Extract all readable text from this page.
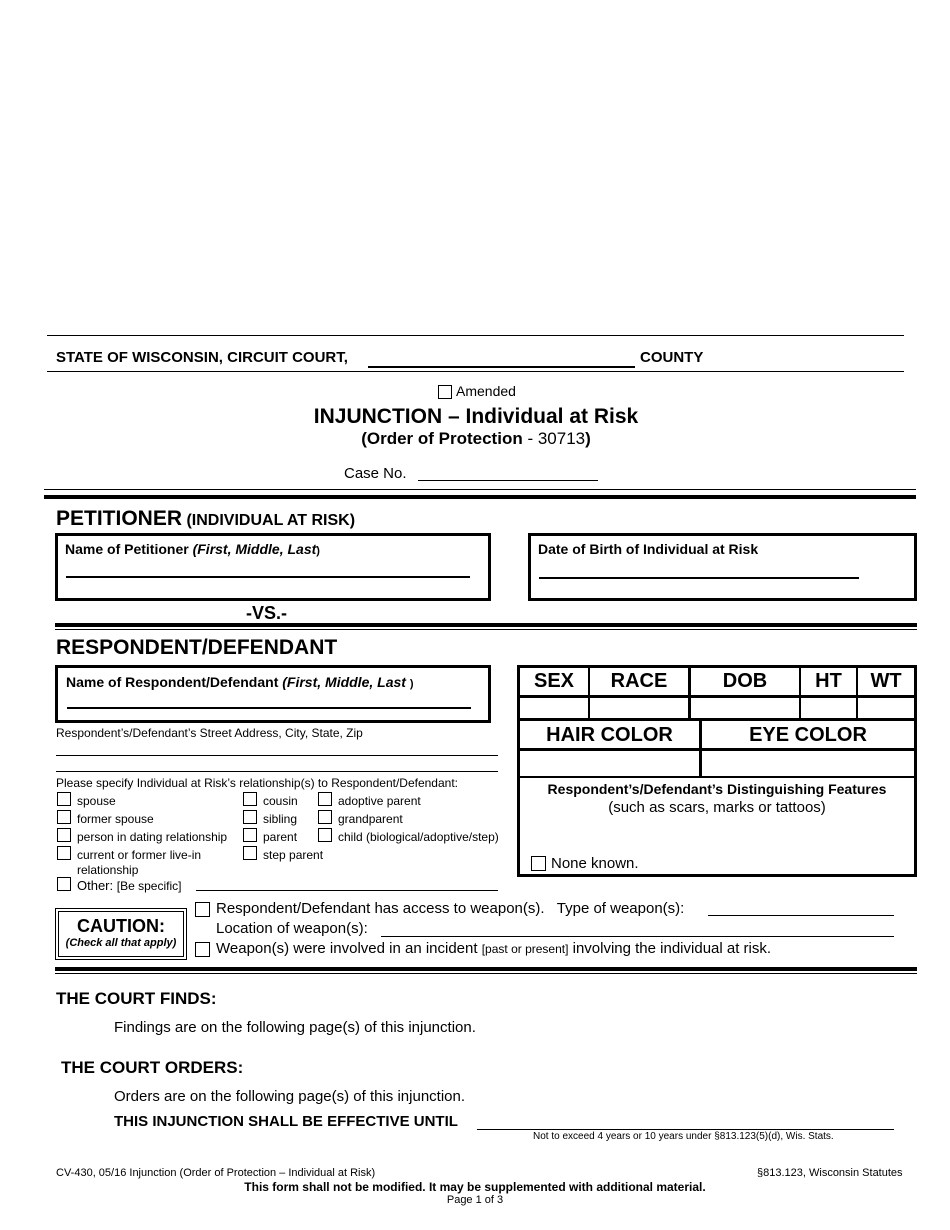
STATE OF WISCONSIN, CIRCUIT COURT,	COUNTY
Amended
INJUNCTION – Individual at Risk
(Order of Protection - 30713)
Case No.
PETITIONER (INDIVIDUAL AT RISK)
Name of Petitioner (First, Middle, Last)	Date of Birth of Individual at Risk
-VS.-
RESPONDENT/DEFENDANT
Name of Respondent/Defendant (First, Middle, Last )
Respondent’s/Defendant’s Street Address, City, State, Zip
Please specify Individual at Risk’s relationship(s) to Respondent/Defendant:
spouse
former spouse
person in dating relationship
current or former live-in
relationship
cousin
sibling
parent
step parent
adoptive parent
grandparent
child (biological/adoptive/step)
Other: [Be specific]
SEX	RACE	DOB	HT	WT
HAIR COLOR	EYE COLOR
Respondent’s/Defendant’s Distinguishing Features
(such as scars, marks or tattoos)
None known.
CAUTION:
(Check all that apply)
Respondent/Defendant has access to weapon(s).   Type of weapon(s):
Location of weapon(s):
Weapon(s) were involved in an incident [past or present] involving the individual at risk.
THE COURT FINDS:
Findings are on the following page(s) of this injunction.
THE COURT ORDERS:
Orders are on the following page(s) of this injunction.
THIS INJUNCTION SHALL BE EFFECTIVE UNTIL
Not to exceed 4 years or 10 years under §813.123(5)(d), Wis. Stats.
CV-430, 05/16 Injunction (Order of Protection – Individual at Risk)	§813.123, Wisconsin Statutes
This form shall not be modified. It may be supplemented with additional material.
Page 1 of 3
